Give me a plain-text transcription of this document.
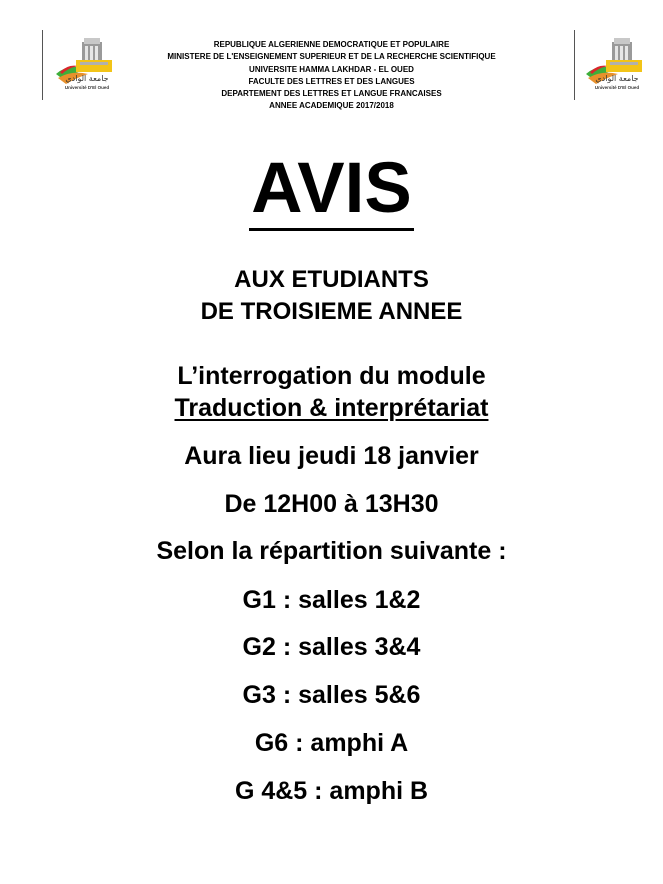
جامعة الوادي
Université D'El Oued
جامعة الوادي
Université D'El Oued
REPUBLIQUE ALGERIENNE DEMOCRATIQUE ET POPULAIRE
MINISTERE DE L'ENSEIGNEMENT SUPERIEUR ET DE LA RECHERCHE SCIENTIFIQUE
UNIVERSITE HAMMA LAKHDAR - EL OUED
FACULTE DES LETTRES ET DES LANGUES
DEPARTEMENT DES LETTRES ET LANGUE FRANCAISES
ANNEE ACADEMIQUE 2017/2018
AVIS
AUX ETUDIANTS
DE TROISIEME ANNEE
L’interrogation du module
Traduction & interprétariat
Aura lieu jeudi 18 janvier
De 12H00 à 13H30
Selon la répartition suivante :
G1 : salles 1&2
G2 : salles 3&4
G3 : salles 5&6
G6 : amphi A
G 4&5 : amphi B
